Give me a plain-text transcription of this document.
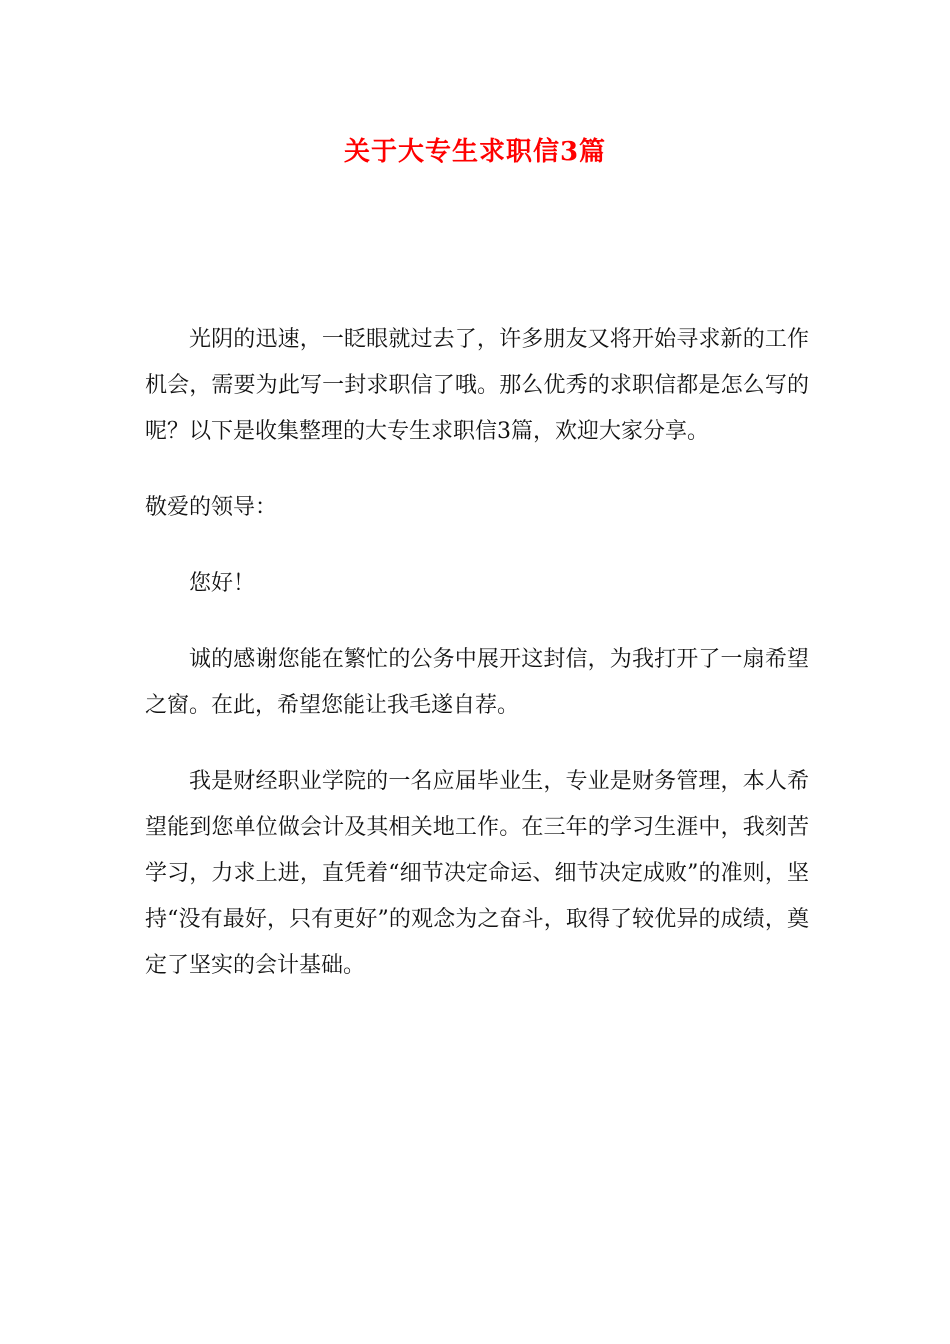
关于大专生求职信3篇

光阴的迅速，一眨眼就过去了，许多朋友又将开始寻求新的工作机会，需要为此写一封求职信了哦。那么优秀的求职信都是怎么写的呢？以下是收集整理的大专生求职信3篇，欢迎大家分享。

敬爱的领导：

您好！

诚的感谢您能在繁忙的公务中展开这封信，为我打开了一扇希望之窗。在此，希望您能让我毛遂自荐。

我是财经职业学院的一名应届毕业生，专业是财务管理，本人希望能到您单位做会计及其相关地工作。在三年的学习生涯中，我刻苦学习，力求上进，直凭着“细节决定命运、细节决定成败”的准则，坚持“没有最好，只有更好”的观念为之奋斗，取得了较优异的成绩，奠定了坚实的会计基础。
